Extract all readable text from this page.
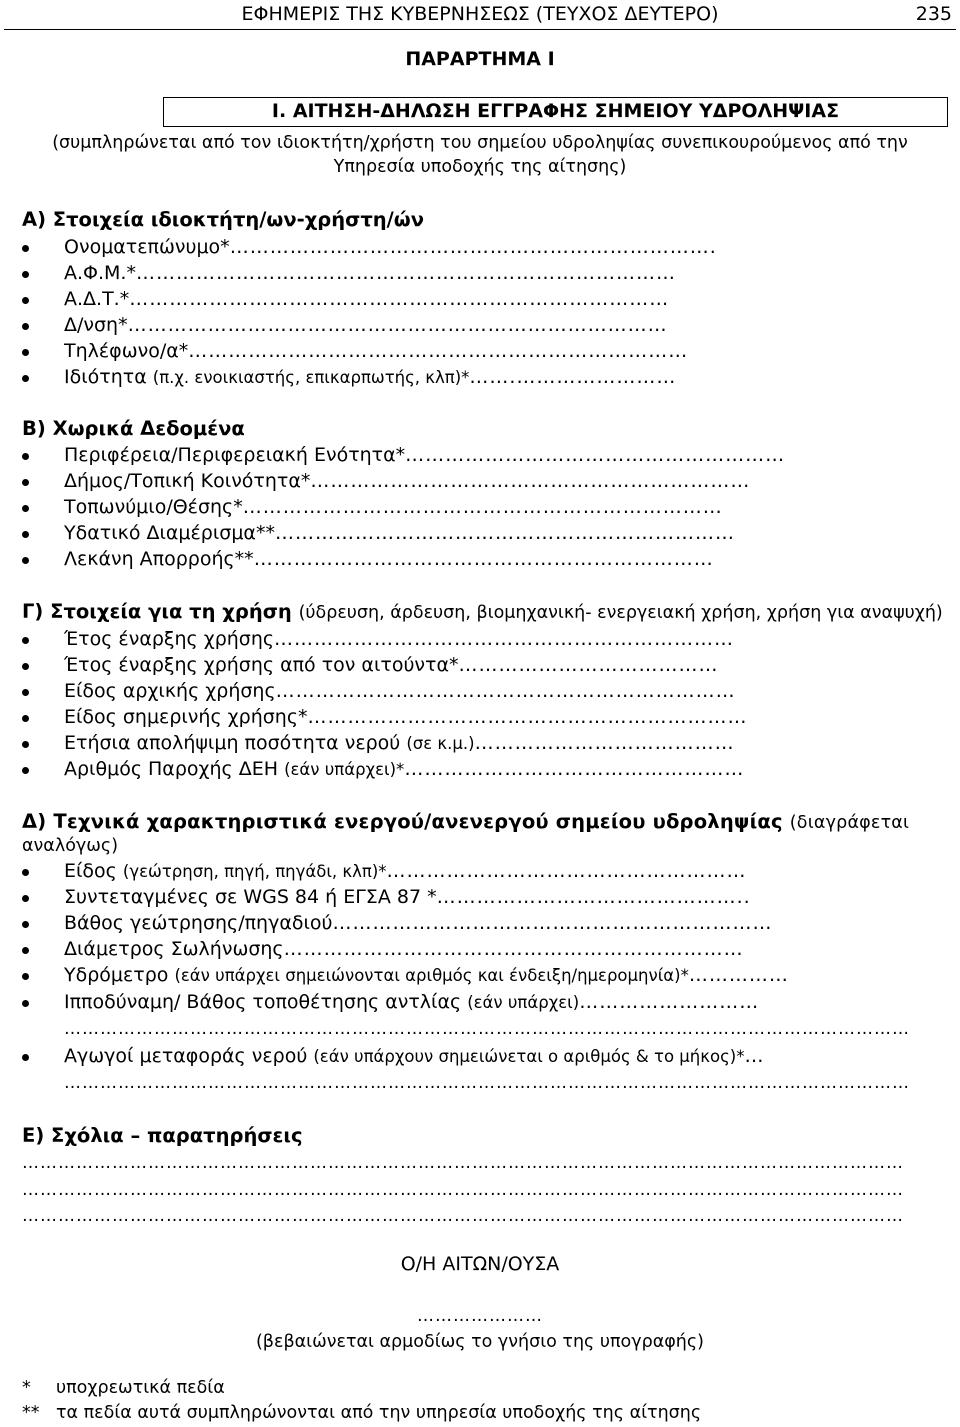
ΕΦΗΜΕΡΙΣ ΤΗΣ ΚΥΒΕΡΝΗΣΕΩΣ (ΤΕΥΧΟΣ ΔΕΥΤΕΡΟ)	235
ΠΑΡΑΡΤΗΜΑ Ι
Ι. ΑΙΤΗΣΗ-ΔΗΛΩΣΗ ΕΓΓΡΑΦΗΣ ΣΗΜΕΙΟΥ ΥΔΡΟΛΗΨΙΑΣ
(συμπληρώνεται από τον ιδιοκτήτη/χρήστη του σημείου υδροληψίας συνεπικουρούμενος από την
Υπηρεσία υποδοχής της αίτησης)
Α) Στοιχεία ιδιοκτήτη/ων-χρήστη/ών
Ονοματεπώνυμο*……………………………………………………………….
Α.Φ.Μ.*………………………………………………………………………
Α.Δ.Τ.*………………………………………………………………………
Δ/νση*………………………………………………………………………
Τηλέφωνο/α*…………………………………………………………………
Ιδιότητα (π.χ. ενοικιαστής, επικαρπωτής, κλπ)*…….……………………
Β) Χωρικά Δεδομένα
Περιφέρεια/Περιφερειακή Ενότητα*…………………………………………………
Δήμος/Τοπική Κοινότητα*…………………………………………………………
Τοπωνύμιο/Θέσης*………………………………………………………………
Υδατικό Διαμέρισμα**……………………………………………………………
Λεκάνη Απορροής**……………………………………………………………
Γ) Στοιχεία για τη χρήση (ύδρευση, άρδευση, βιομηχανική- ενεργειακή χρήση, χρήση για αναψυχή)
Έτος έναρξης χρήσης……………………………………………………………
Έτος έναρξης χρήσης από τον αιτούντα*…………………………………
Είδος αρχικής χρήσης……………………………………………………………
Είδος σημερινής χρήσης*…………………………………………………………
Ετήσια απολήψιμη ποσότητα νερού (σε κ.μ.)…………………………………
Αριθμός Παροχής ΔΕΗ (εάν υπάρχει)*……………………………………………
Δ) Τεχνικά χαρακτηριστικά ενεργού/ανενεργού σημείου υδροληψίας (διαγράφεται
αναλόγως)
Είδος (γεώτρηση, πηγή, πηγάδι, κλπ)*………………………………………………
Συντεταγμένες σε WGS 84 ή ΕΓΣΑ 87 *………………………………………..
Βάθος γεώτρησης/πηγαδιού…………………………………………………………
Διάμετρος Σωλήνωσης……………………………………………………………
Υδρόμετρο (εάν υπάρχει σημειώνονται αριθμός και ένδειξη/ημερομηνία)*……………
Ιπποδύναμη/ Βάθος τοποθέτησης αντλίας (εάν υπάρχει)………………………
……………………………………………………………………………………………………………………………
Αγωγοί μεταφοράς νερού (εάν υπάρχουν σημειώνεται ο αριθμός & το μήκος)*…
……………………………………………………………………………………………………………………………
Ε) Σχόλια – παρατηρήσεις
…………………………………………………………………………………………………………………………………
…………………………………………………………………………………………………………………………………
…………………………………………………………………………………………………………………………………
Ο/Η ΑΙΤΩΝ/ΟΥΣΑ
…………………
(βεβαιώνεται αρμοδίως το γνήσιο της υπογραφής)
* υποχρεωτικά πεδία
** τα πεδία αυτά συμπληρώνονται από την υπηρεσία υποδοχής της αίτησης
